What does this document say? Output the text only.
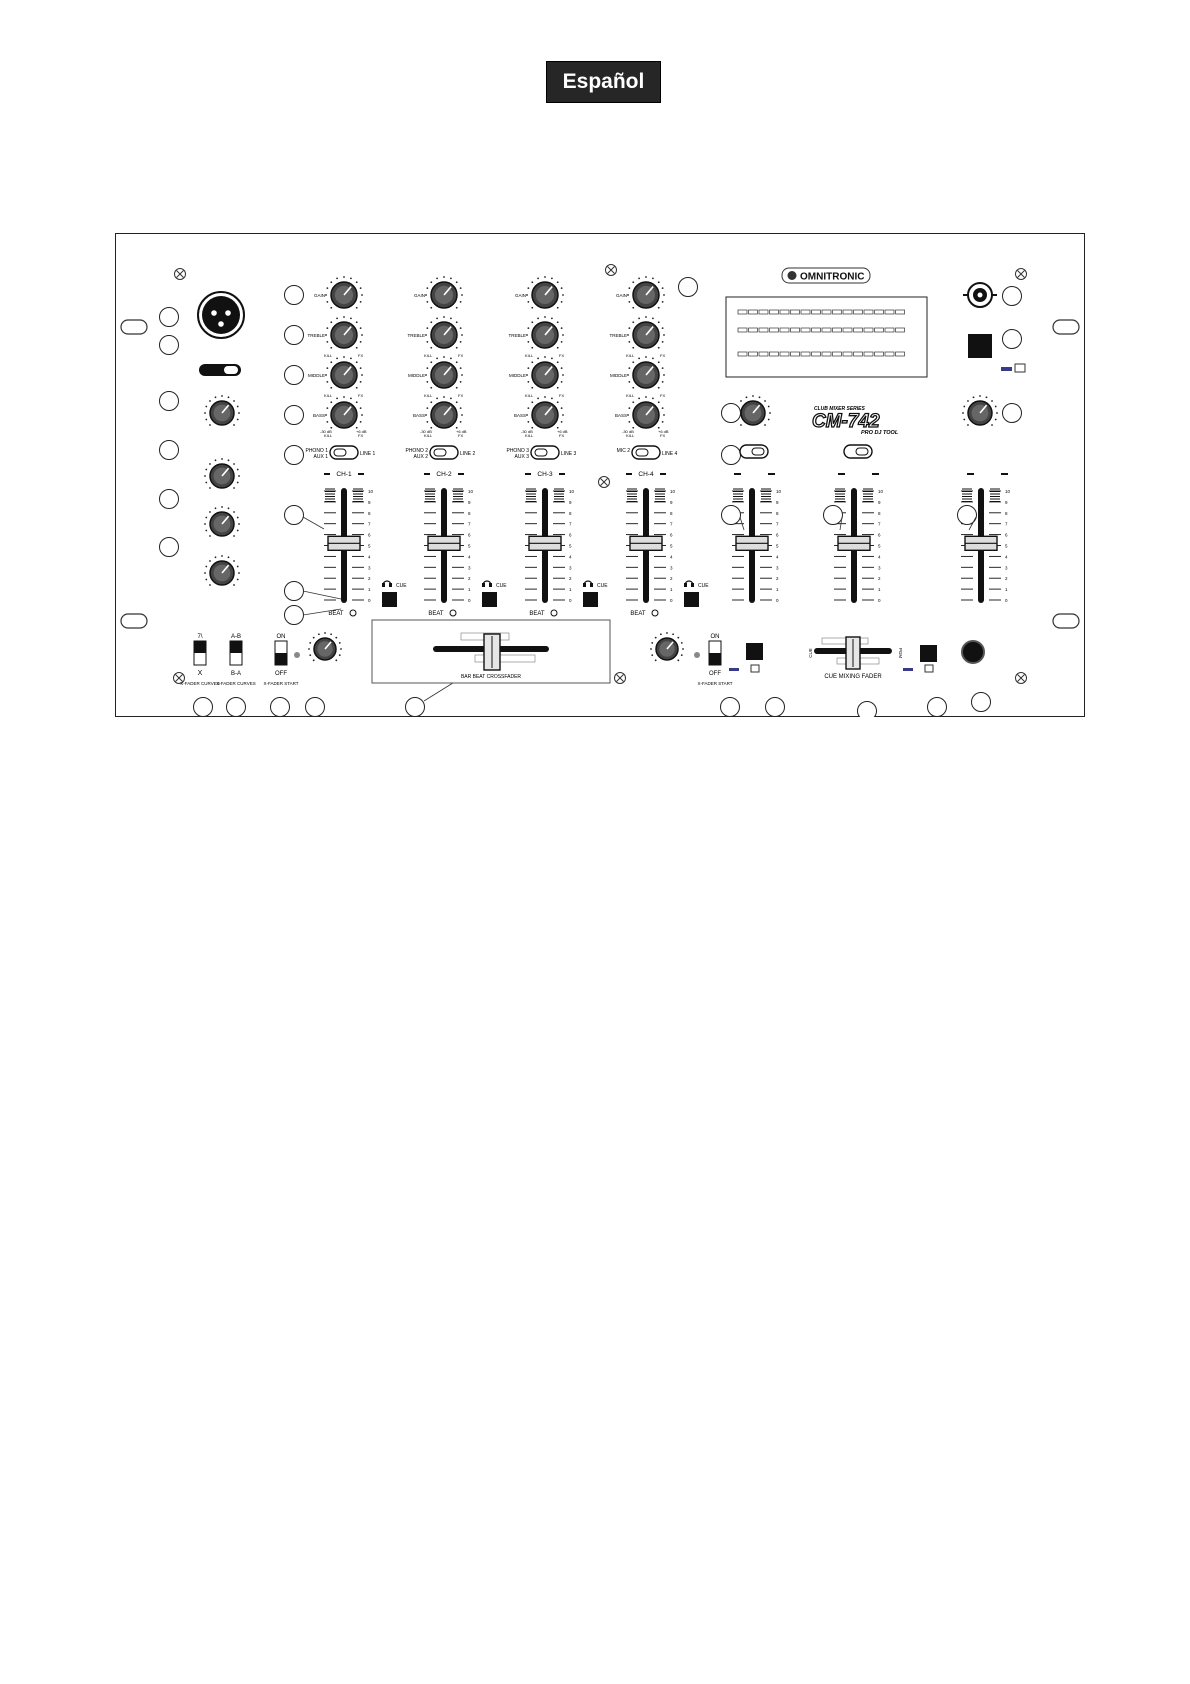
Español
OMNITRONIC
CLUB MIXER SERIES
CM-742
PRO DJ TOOL
GAIN
TREBLE
KILL	FX
MIDDLE
KILL	FX
BASS
KILL	FX
-30 dB	+6 dB
PHONO 1
AUX 1	LINE 1
CH-1
CUE
BEAT
GAIN
TREBLE
KILL	FX
MIDDLE
KILL	FX
BASS
KILL	FX
-30 dB	+6 dB
PHONO 2
AUX 2	LINE 2
CH-2
CUE
BEAT
GAIN
TREBLE
KILL	FX
MIDDLE
KILL	FX
BASS
KILL	FX
-30 dB	+6 dB
PHONO 3
AUX 3	LINE 3
CH-3
CUE
BEAT
GAIN
TREBLE
KILL	FX
MIDDLE
KILL	FX
BASS
KILL	FX
-30 dB	+6 dB
MIC 2	LINE 4
CH-4
CUE
BEAT
10
9
8
7
6
5
4
3
2
1
0
10
9
8
7
6
5
4
3
2
1
0
10
9
8
7
6
5
4
3
2
1
0
10
9
8
7
6
5
4
3
2
1
0
10
9
8
7
6
5
4
3
2
1
0
10
9
8
7
6
5
4
3
2
1
0
10
9
8
7
6
5
4
3
2
1
0
7\
X
X-FADER CURVES
A-B
B-A
X-FADER CURVES
ON
OFF
X-FADER START
ON
OFF
X-FADER START
BAR BEAT CROSSFADER
CUE	PGM
CUE MIXING FADER
